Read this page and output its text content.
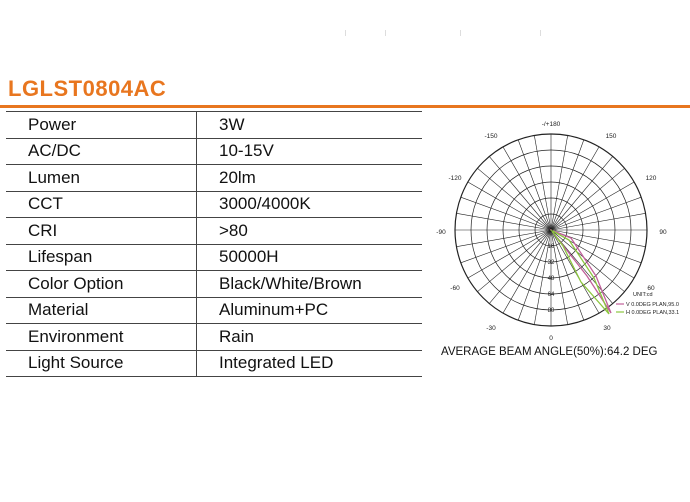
LGLST0804AC
Power	3W
AC/DC	10-15V
Lumen	20lm
CCT	3000/4000K
CRI	>80
Lifespan	50000H
Color Option	Black/White/Brown
Material	Aluminum+PC
Environment	Rain
Light Source	Integrated LED
-/+180
-150	150
-120	120
-90	90
-60	60
-30	30
0
0
16
32
48
64
80
UNIT:cd
V 0.0DEG PLAN,95.0
H 0.0DEG PLAN,33.1
AVERAGE BEAM ANGLE(50%):64.2 DEG
